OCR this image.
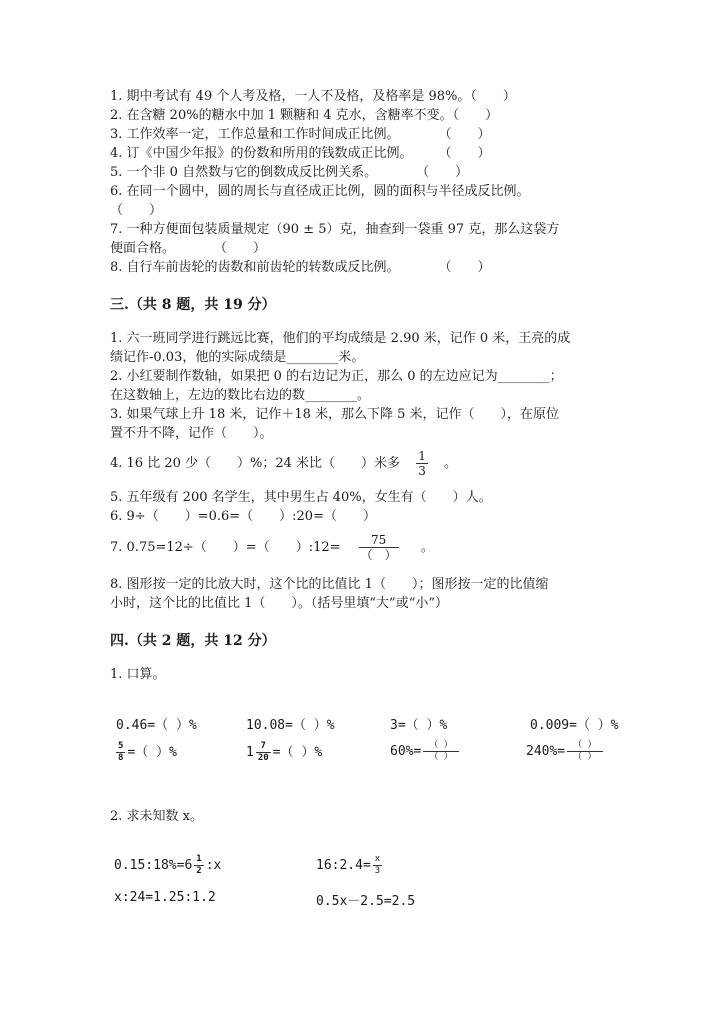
1. 期中考试有 49 个人考及格，一人不及格，及格率是 98%。（　　）
2. 在含糖 20%的糖水中加 1 颗糖和 4 克水，含糖率不变。（　　）
3. 工作效率一定，工作总量和工作时间成正比例。　　　　（　　）
4. 订《中国少年报》的份数和所用的钱数成正比例。　　　（　　）
5. 一个非 0 自然数与它的倒数成反比例关系。　　　　（　　）
6. 在同一个圆中，圆的周长与直径成正比例，圆的面积与半径成反比例。
（　　）
7. 一种方便面包装质量规定（90 ± 5）克，抽查到一袋重 97 克，那么这袋方
便面合格。　　　　（　　）
8. 自行车前齿轮的齿数和前齿轮的转数成反比例。　　　　（　　）
三.（共 8 题，共 19 分）
1. 六一班同学进行跳远比赛，他们的平均成绩是 2.90 米，记作 0 米，王亮的成
绩记作-0.03，他的实际成绩是________米。
2. 小红要制作数轴，如果把 0 的右边记为正，那么 0 的左边应记为________；
在这数轴上，左边的数比右边的数________。
3. 如果气球上升 18 米，记作＋18 米，那么下降 5 米，记作（　　），在原位
置不升不降，记作（　　）。
4. 16 比 20 少（　　）%；24 米比（　　）米多 $\frac{1}{3}$ 。
5. 五年级有 200 名学生，其中男生占 40%，女生有（　　）人。
6. 9÷（　　）=0.6=（　　）:20=（　　）
7. 0.75=12÷（　　）=（　　）:12= $\frac{75}{( )}$ 。
8. 图形按一定的比放大时，这个比的比值比 1（　　）；图形按一定的比值缩
小时，这个比的比值比 1（　　）。（括号里填“大”或“小”）
四.（共 2 题，共 12 分）
1. 口算。
0.46=（ ）%	10.08=（ ）%	3=（ ）%	0.009=（ ）%
$\frac{5}{8}$ =（ ）%	$1 \frac{7}{20}$ =（ ）%	$60\%= \frac{( )}{( )}$	$240\%= \frac{( )}{( )}$
2. 求未知数 x。
0.15:18%=6 $\frac{1}{2}$ :x	16:2.4= $\frac{x}{3}$
x:24=1.25:1.2	0.5x－2.5=2.5
